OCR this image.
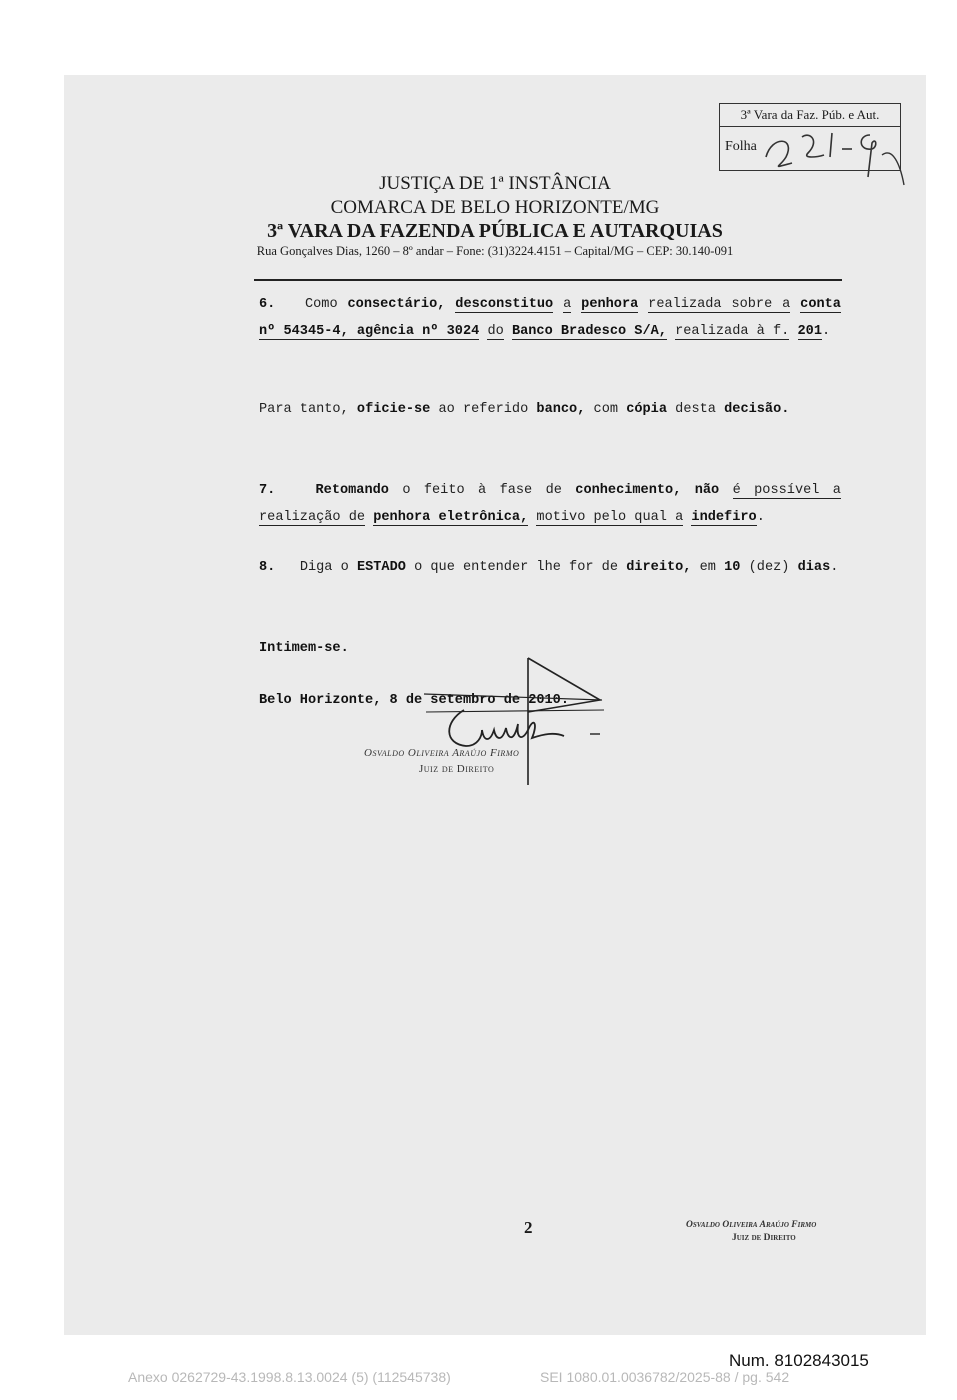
3ª Vara da Faz. Púb. e Aut.
Folha
JUSTIÇA DE 1ª INSTÂNCIA
COMARCA DE BELO HORIZONTE/MG
3ª VARA DA FAZENDA PÚBLICA E AUTARQUIAS
Rua Gonçalves Dias, 1260 – 8º andar – Fone: (31)3224.4151 – Capital/MG – CEP: 30.140-091
6. Como consectário, desconstituo a penhora realizada sobre a conta nº 54345-4, agência nº 3024 do Banco Bradesco S/A, realizada à f. 201.
Para tanto, oficie-se ao referido banco, com cópia desta decisão.
7.	Retomando o feito à fase de conhecimento, não é possível a realização de penhora eletrônica, motivo pelo qual a indefiro.
8. Diga o ESTADO o que entender lhe for de direito, em 10 (dez) dias.
Intimem-se.
Belo Horizonte, 8 de setembro de 2010.
Osvaldo Oliveira Araújo Firmo
Juiz de Direito
2	Osvaldo Oliveira Araújo Firmo
Juiz de Direito
Num. 8102843015
Anexo 0262729-43.1998.8.13.0024 (5) (112545738)	SEI 1080.01.0036782/2025-88 / pg. 542
